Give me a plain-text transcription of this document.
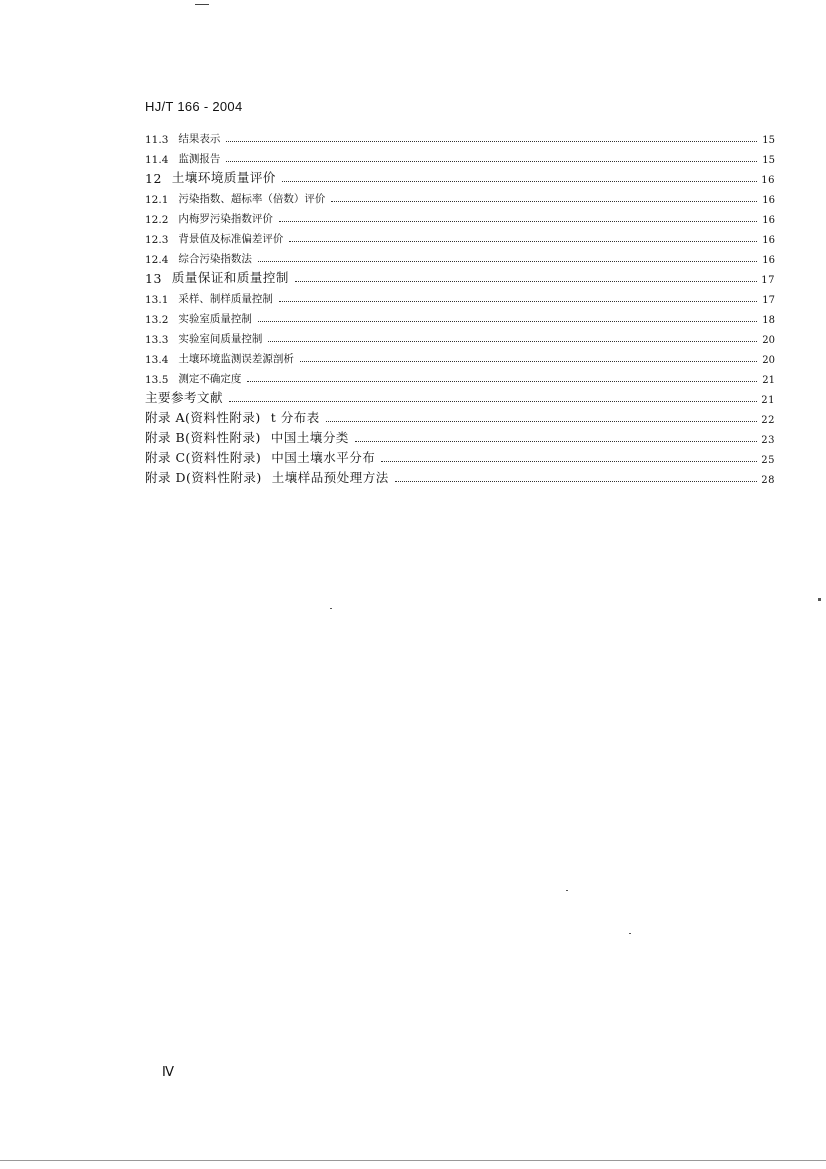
HJ/T 166 - 2004
11.3 结果表示	15
11.4 监测报告	15
12 土壤环境质量评价	16
12.1 污染指数、超标率（倍数）评价	16
12.2 内梅罗污染指数评价	16
12.3 背景值及标准偏差评价	16
12.4 综合污染指数法	16
13 质量保证和质量控制	17
13.1 采样、制样质量控制	17
13.2 实验室质量控制	18
13.3 实验室间质量控制	20
13.4 土壤环境监测误差源剖析	20
13.5 测定不确定度	21
主要参考文献	21
附录 A(资料性附录) t 分布表	22
附录 B(资料性附录) 中国土壤分类	23
附录 C(资料性附录) 中国土壤水平分布	25
附录 D(资料性附录) 土壤样品预处理方法	28
Ⅳ
